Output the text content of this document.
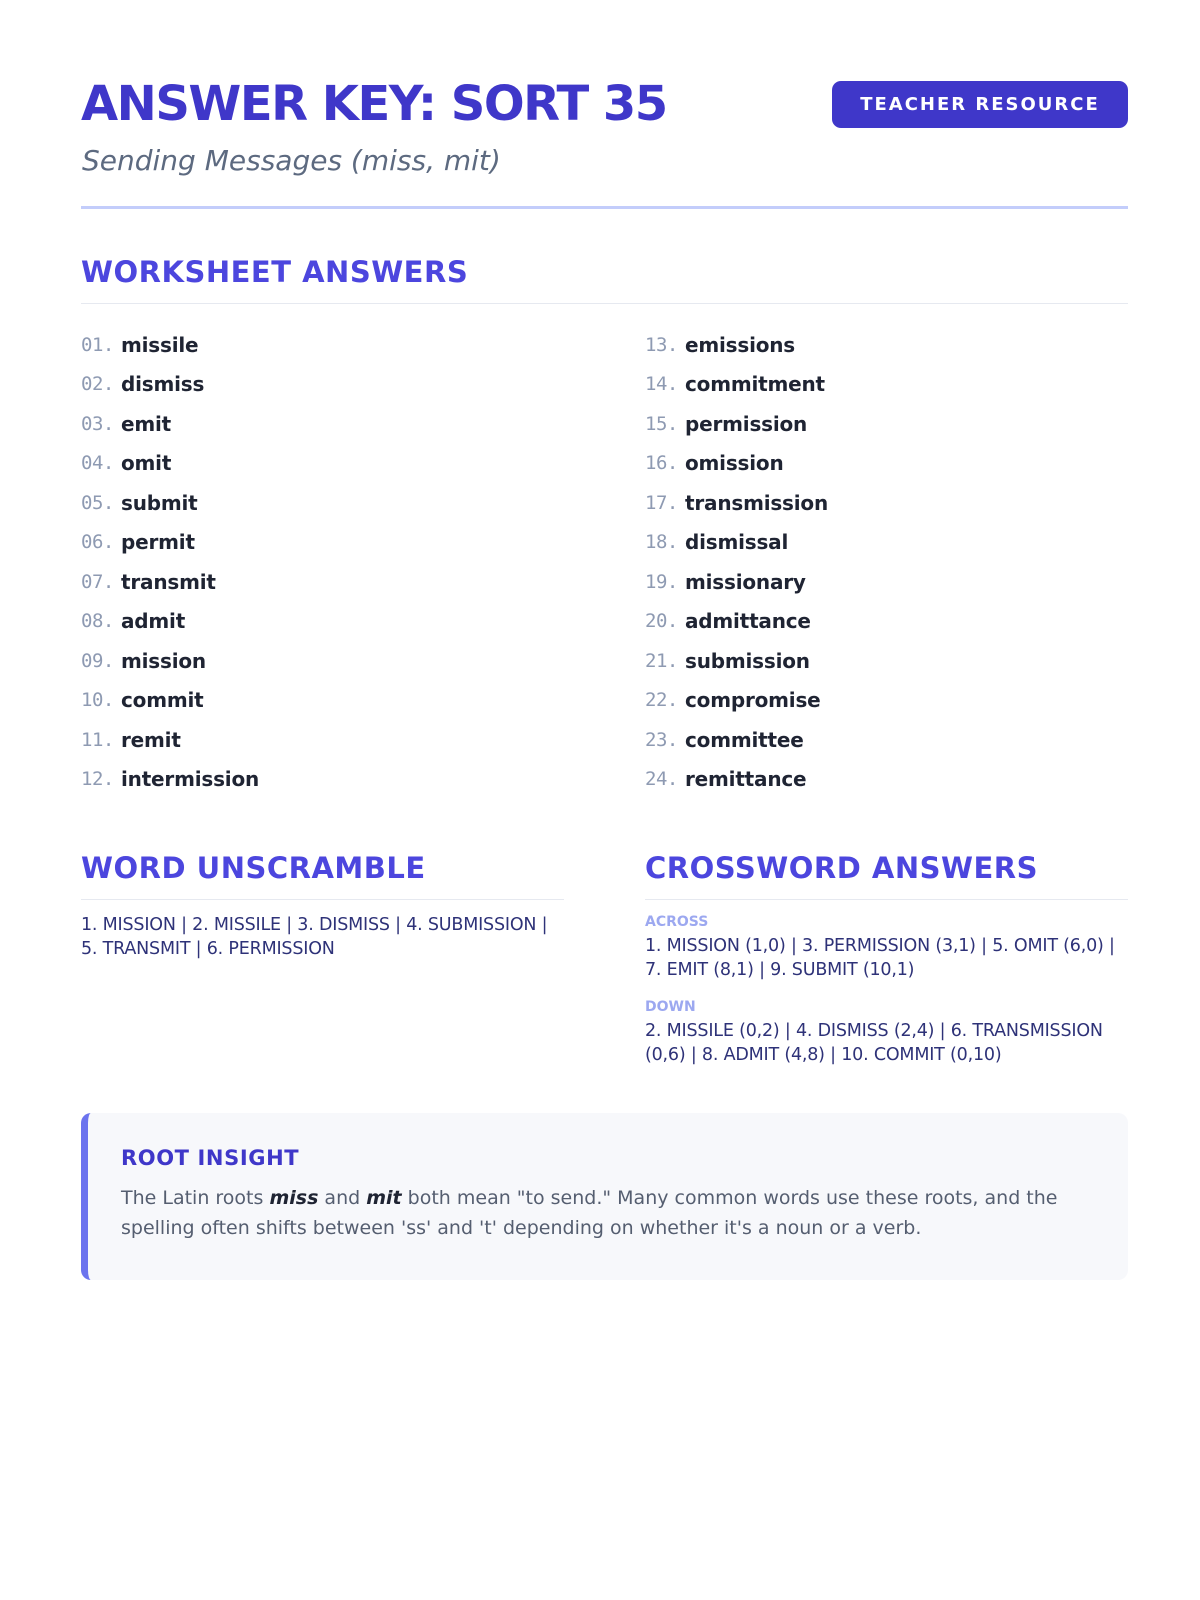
ANSWER KEY: SORT 35
Sending Messages (miss, mit)
TEACHER RESOURCE
WORKSHEET ANSWERS
01. missile
02. dismiss
03. emit
04. omit
05. submit
06. permit
07. transmit
08. admit
09. mission
10. commit
11. remit
12. intermission
13. emissions
14. commitment
15. permission
16. omission
17. transmission
18. dismissal
19. missionary
20. admittance
21. submission
22. compromise
23. committee
24. remittance
WORD UNSCRAMBLE

1. MISSION | 2. MISSILE | 3. DISMISS | 4. SUBMISSION | 5. TRANSMIT | 6. PERMISSION

CROSSWORD ANSWERS
ACROSS

1. MISSION (1,0) | 3. PERMISSION (3,1) | 5. OMIT (6,0) | 7. EMIT (8,1) | 9. SUBMIT (10,1)

DOWN

2. MISSILE (0,2) | 4. DISMISS (2,4) | 6. TRANSMISSION (0,6) | 8. ADMIT (4,8) | 10. COMMIT (0,10)

ROOT INSIGHT

The Latin roots miss and mit both mean "to send." Many common words use these roots, and the spelling often shifts between 'ss' and 't' depending on whether it's a noun or a verb.
